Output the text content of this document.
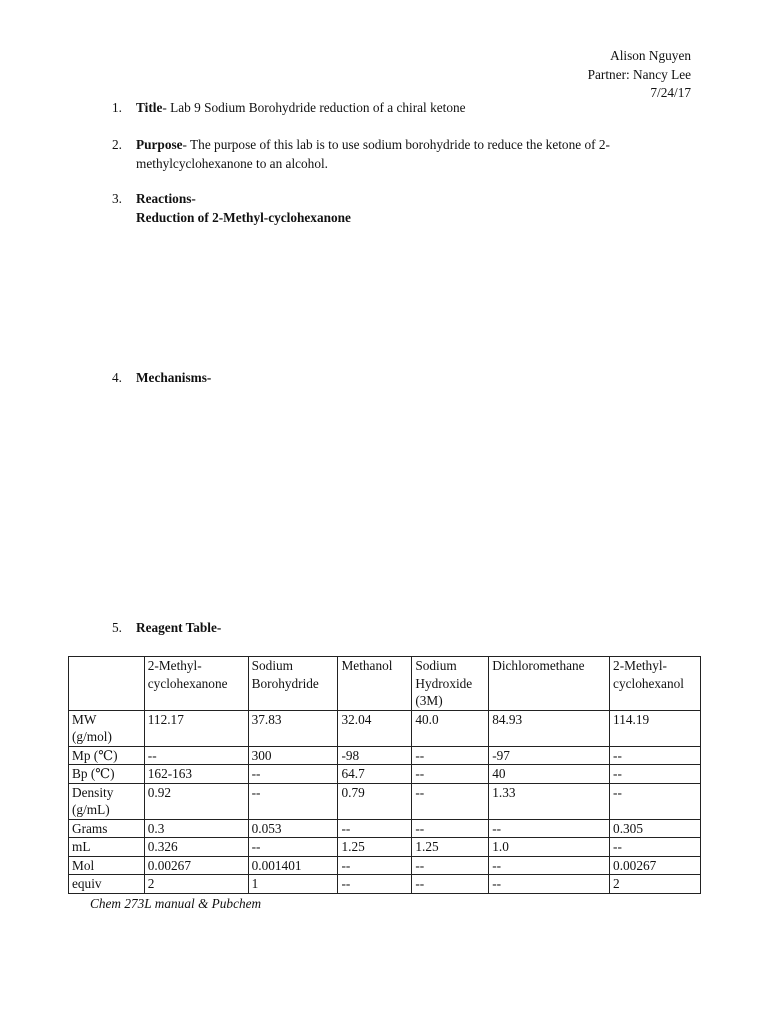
Alison Nguyen
Partner: Nancy Lee
7/24/17
1. Title- Lab 9 Sodium Borohydride reduction of a chiral ketone
2. Purpose- The purpose of this lab is to use sodium borohydride to reduce the ketone of 2-
methylcyclohexanone to an alcohol.
3. Reactions-
Reduction of 2-Methyl-cyclohexanone
4. Mechanisms-
5. Reagent Table-
	2-Methyl-
cyclohexanone	Sodium
Borohydride	Methanol	Sodium
Hydroxide
(3M)	Dichloromethane	2-Methyl-
cyclohexanol
MW
(g/mol)	112.17	37.83	32.04	40.0	84.93	114.19
Mp (℃)	--	300	-98	--	-97	--
Bp (℃)	162-163	--	64.7	--	40	--
Density
(g/mL)	0.92	--	0.79	--	1.33	--
Grams	0.3	0.053	--	--	--	0.305
mL	0.326	--	1.25	1.25	1.0	--
Mol	0.00267	0.001401	--	--	--	0.00267
equiv	2	1	--	--	--	2
Chem 273L manual & Pubchem
